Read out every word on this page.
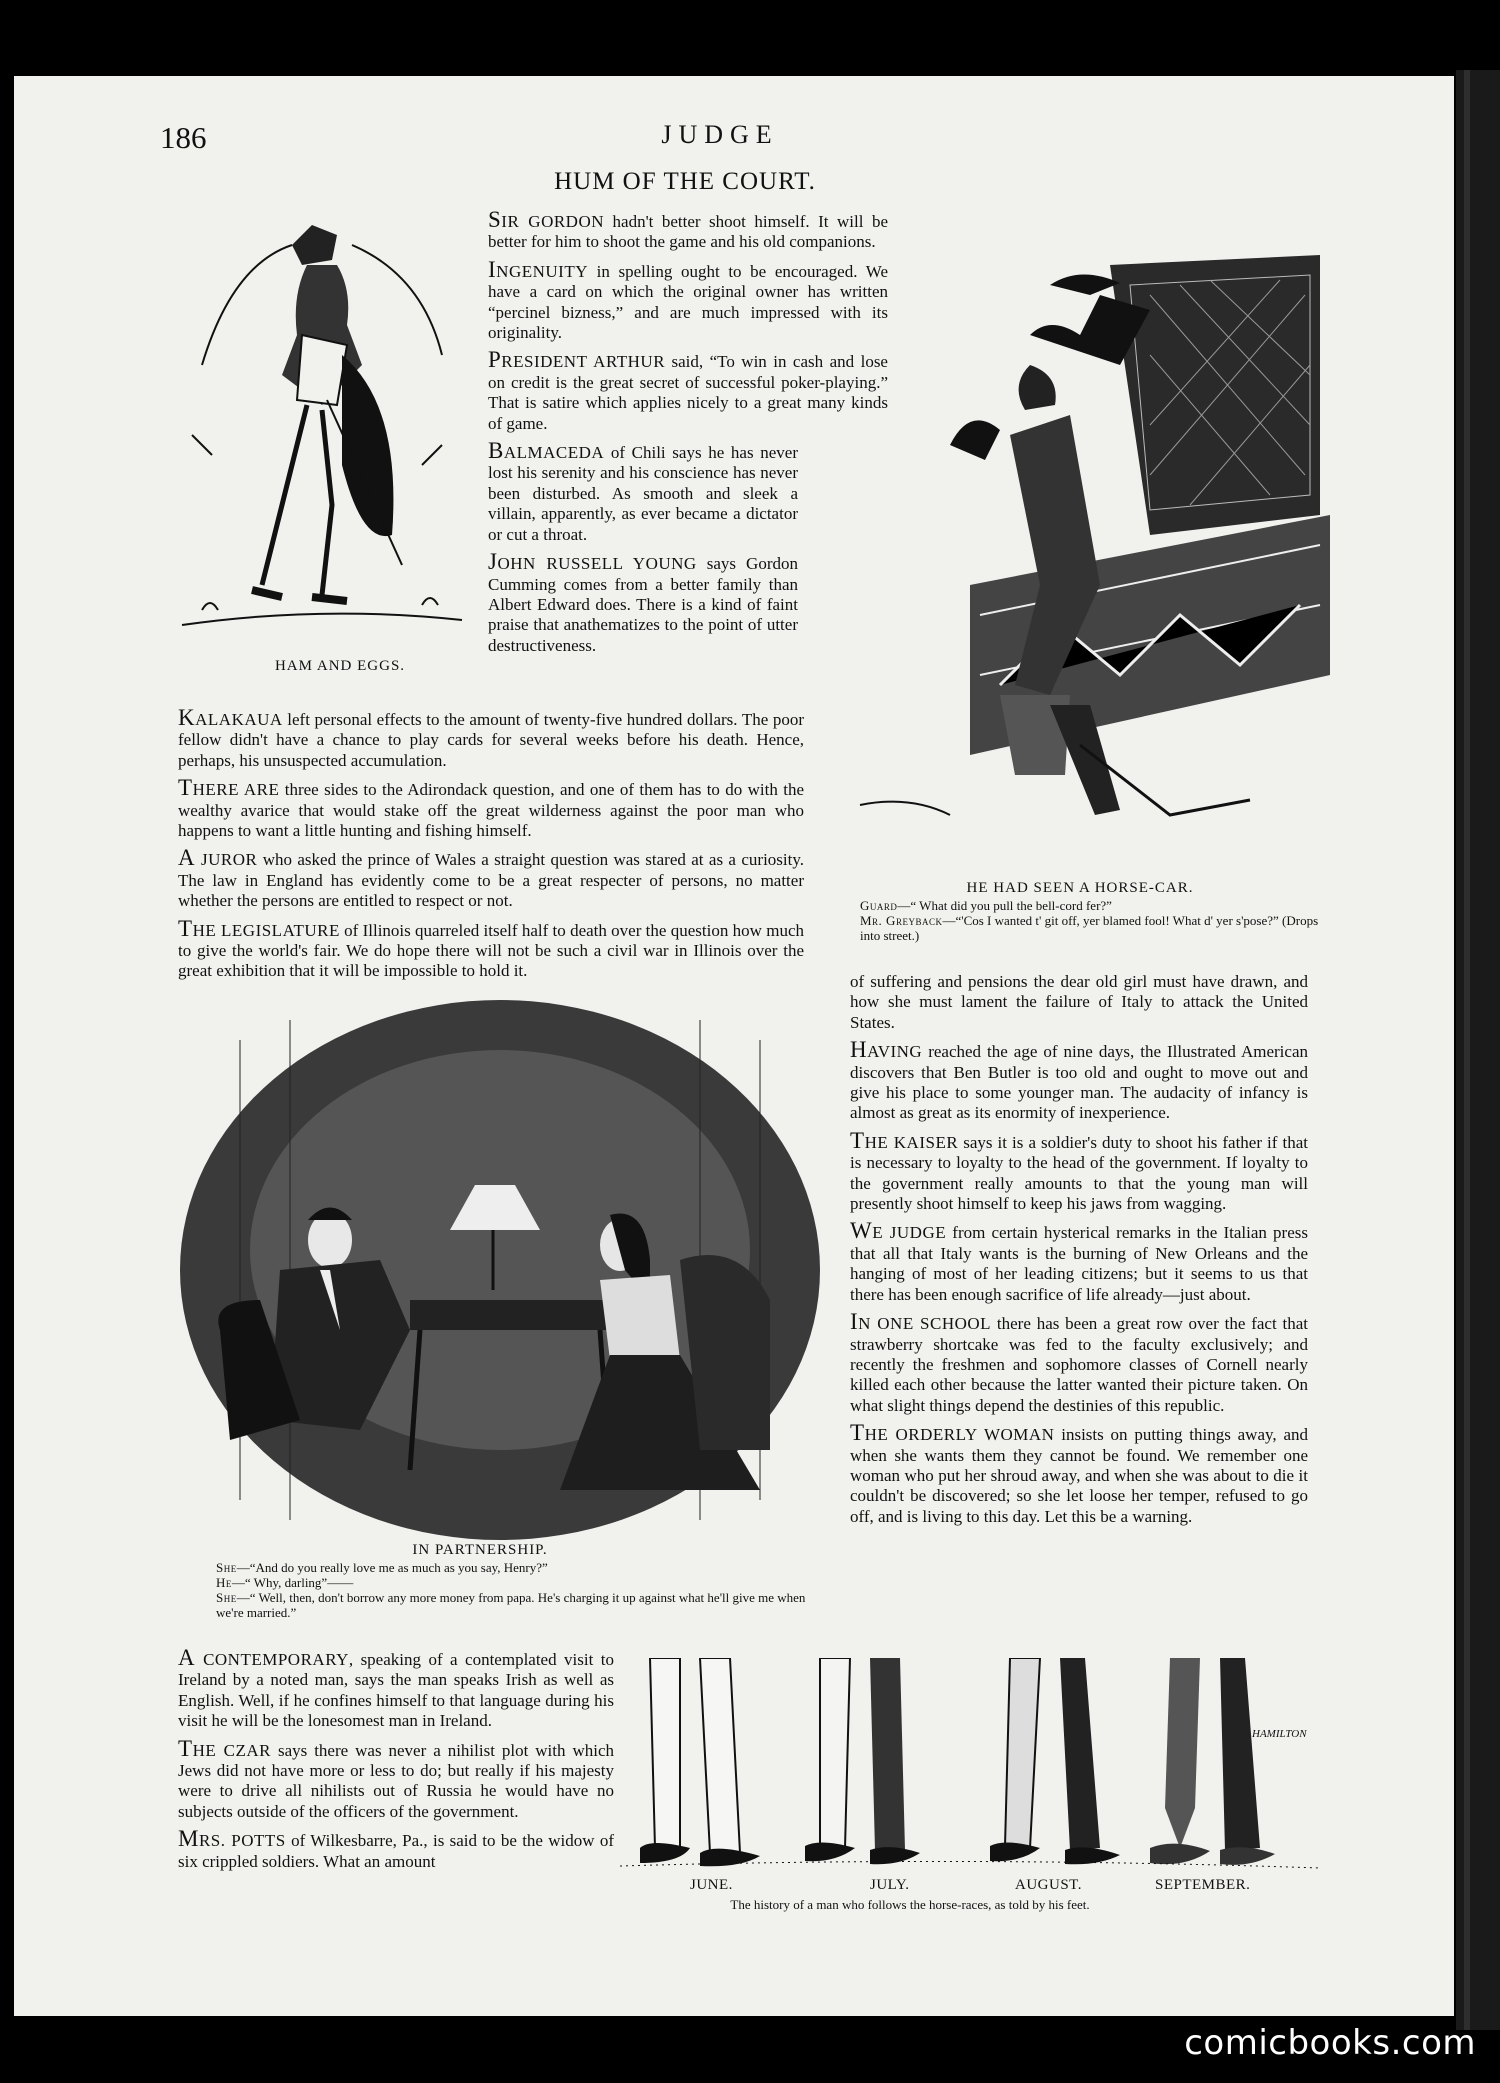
186	JUDGE
HUM OF THE COURT.
HAM AND EGGS.

SIR GORDON hadn't better shoot himself. It will be better for him to shoot the game and his old companions.

INGENUITY in spelling ought to be encouraged. We have a card on which the original owner has written “percinel bizness,” and are much impressed with its originality.

PRESIDENT ARTHUR said, “To win in cash and lose on credit is the great secret of successful poker-playing.” That is satire which applies nicely to a great many kinds of game.

BALMACEDA of Chili says he has never lost his serenity and his conscience has never been disturbed. As smooth and sleek a villain, apparently, as ever became a dictator or cut a throat.

JOHN RUSSELL YOUNG says Gordon Cumming comes from a better family than Albert Edward does. There is a kind of faint praise that anathematizes to the point of utter destructiveness.

HE HAD SEEN A HORSE-CAR.
Guard—“ What did you pull the bell-cord fer?”
Mr. Greyback—“'Cos I wanted t' git off, yer blamed fool! What d' yer s'pose?” (Drops into street.)

KALAKAUA left personal effects to the amount of twenty-five hundred dollars. The poor fellow didn't have a chance to play cards for several weeks before his death. Hence, perhaps, his unsuspected accumulation.

THERE ARE three sides to the Adirondack question, and one of them has to do with the wealthy avarice that would stake off the great wilderness against the poor man who happens to want a little hunting and fishing himself.

A JUROR who asked the prince of Wales a straight question was stared at as a curiosity. The law in England has evidently come to be a great respecter of persons, no matter whether the persons are entitled to respect or not.

THE LEGISLATURE of Illinois quarreled itself half to death over the question how much to give the world's fair. We do hope there will not be such a civil war in Illinois over the great exhibition that it will be impossible to hold it.

IN PARTNERSHIP.
She—“And do you really love me as much as you say, Henry?”
He—“ Why, darling”——
She—“ Well, then, don't borrow any more money from papa. He's charging it up against what he'll give me when we're married.”

of suffering and pensions the dear old girl must have drawn, and how she must lament the failure of Italy to attack the United States.

HAVING reached the age of nine days, the Illustrated American discovers that Ben Butler is too old and ought to move out and give his place to some younger man. The audacity of infancy is almost as great as its enormity of inexperience.

THE KAISER says it is a soldier's duty to shoot his father if that is necessary to loyalty to the head of the government. If loyalty to the government really amounts to that the young man will presently shoot himself to keep his jaws from wagging.

WE JUDGE from certain hysterical remarks in the Italian press that all that Italy wants is the burning of New Orleans and the hanging of most of her leading citizens; but it seems to us that there has been enough sacrifice of life already—just about.

IN ONE SCHOOL there has been a great row over the fact that strawberry shortcake was fed to the faculty exclusively; and recently the freshmen and sophomore classes of Cornell nearly killed each other because the latter wanted their picture taken. On what slight things depend the destinies of this republic.

THE ORDERLY WOMAN insists on putting things away, and when she wants them they cannot be found. We remember one woman who put her shroud away, and when she was about to die it couldn't be discovered; so she let loose her temper, refused to go off, and is living to this day. Let this be a warning.

A CONTEMPORARY, speaking of a contemplated visit to Ireland by a noted man, says the man speaks Irish as well as English. Well, if he confines himself to that language during his visit he will be the lonesomest man in Ireland.

THE CZAR says there was never a nihilist plot with which Jews did not have more or less to do; but really if his majesty were to drive all nihilists out of Russia he would have no subjects outside of the officers of the government.

MRS. POTTS of Wilkesbarre, Pa., is said to be the widow of six crippled soldiers. What an amount

HAMILTON
JUNE.	JULY.	AUGUST.	SEPTEMBER.
The history of a man who follows the horse-races, as told by his feet.
comicbooks.com
